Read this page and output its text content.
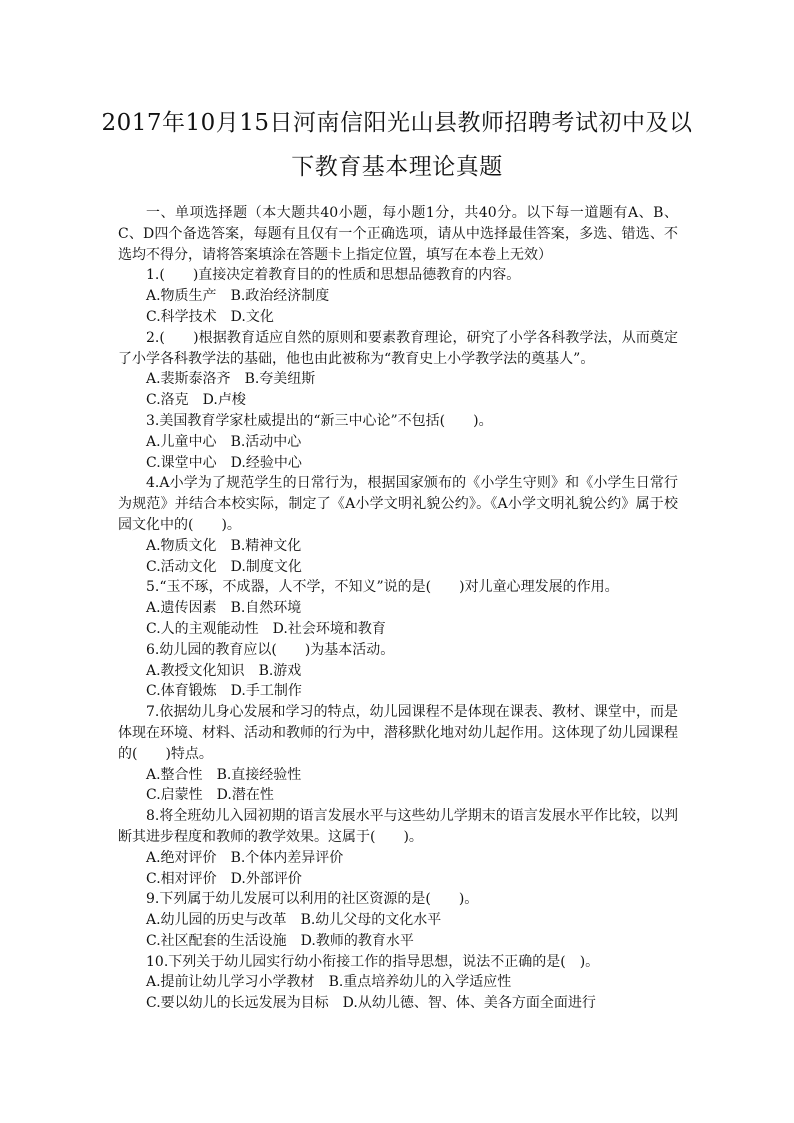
2017年10月15日河南信阳光山县教师招聘考试初中及以
下教育基本理论真题

一、单项选择题（本大题共40小题，每小题1分，共40分。以下每一道题有A、B、C、D四个备选答案，每题有且仅有一个正确选项，请从中选择最佳答案，多选、错选、不选均不得分，请将答案填涂在答题卡上指定位置，填写在本卷上无效）

1.(　　)直接决定着教育目的的性质和思想品德教育的内容。

A.物质生产 B.政治经济制度

C.科学技术 D.文化

2.(　　)根据教育适应自然的原则和要素教育理论，研究了小学各科教学法，从而奠定了小学各科教学法的基础，他也由此被称为“教育史上小学教学法的奠基人”。

A.裴斯泰洛齐 B.夸美纽斯

C.洛克 D.卢梭

3.美国教育学家杜威提出的“新三中心论”不包括(　　)。

A.儿童中心 B.活动中心

C.课堂中心 D.经验中心

4.A小学为了规范学生的日常行为，根据国家颁布的《小学生守则》和《小学生日常行为规范》并结合本校实际，制定了《A小学文明礼貌公约》。《A小学文明礼貌公约》属于校园文化中的(　　)。

A.物质文化 B.精神文化

C.活动文化 D.制度文化

5.“玉不琢，不成器，人不学，不知义”说的是(　　)对儿童心理发展的作用。

A.遗传因素 B.自然环境

C.人的主观能动性 D.社会环境和教育

6.幼儿园的教育应以(　　)为基本活动。

A.教授文化知识 B.游戏

C.体育锻炼 D.手工制作

7.依据幼儿身心发展和学习的特点，幼儿园课程不是体现在课表、教材、课堂中，而是体现在环境、材料、活动和教师的行为中，潜移默化地对幼儿起作用。这体现了幼儿园课程的(　　)特点。

A.整合性 B.直接经验性

C.启蒙性 D.潜在性

8.将全班幼儿入园初期的语言发展水平与这些幼儿学期末的语言发展水平作比较，以判断其进步程度和教师的教学效果。这属于(　　)。

A.绝对评价 B.个体内差异评价

C.相对评价 D.外部评价

9.下列属于幼儿发展可以利用的社区资源的是(　　)。

A.幼儿园的历史与改革 B.幼儿父母的文化水平

C.社区配套的生活设施 D.教师的教育水平

10.下列关于幼儿园实行幼小衔接工作的指导思想，说法不正确的是(　)。

A.提前让幼儿学习小学教材 B.重点培养幼儿的入学适应性

C.要以幼儿的长远发展为目标 D.从幼儿德、智、体、美各方面全面进行
